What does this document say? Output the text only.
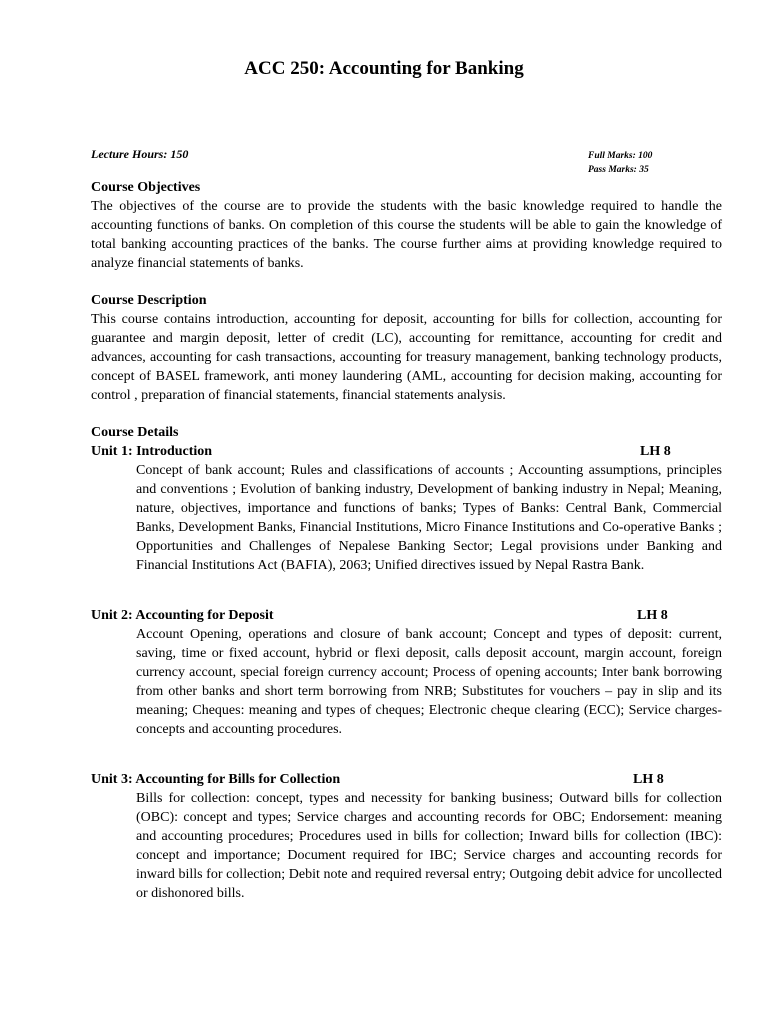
ACC 250: Accounting for Banking

Lecture Hours: 150	Full Marks: 100
Pass Marks: 35
Course Objectives

The objectives of the course are to provide the students with the basic knowledge required to handle the accounting functions of banks. On completion of this course the students will be able to gain the knowledge of total banking accounting practices of the banks. The course further aims at providing knowledge required to analyze financial statements of banks.

Course Description

This course contains introduction, accounting for deposit, accounting for bills for collection, accounting for guarantee and margin deposit, letter of credit (LC), accounting for remittance, accounting for credit and advances, accounting for cash transactions, accounting for treasury management, banking technology products, concept of BASEL framework, anti money laundering (AML, accounting for decision making, accounting for control , preparation of financial statements, financial statements analysis.

Course Details

Unit 1: Introduction	LH 8

Concept of bank account; Rules and classifications of accounts ; Accounting assumptions, principles and conventions ; Evolution of banking industry, Development of banking industry in Nepal; Meaning, nature, objectives, importance and functions of banks; Types of Banks: Central Bank, Commercial Banks, Development Banks, Financial Institutions, Micro Finance Institutions and Co-operative Banks ; Opportunities and Challenges of Nepalese Banking Sector; Legal provisions under Banking and Financial Institutions Act (BAFIA), 2063; Unified directives issued by Nepal Rastra Bank.

Unit 2: Accounting for Deposit	LH 8

Account Opening, operations and closure of bank account; Concept and types of deposit: current, saving, time or fixed account, hybrid or flexi deposit, calls deposit account, margin account, foreign currency account, special foreign currency account; Process of opening accounts; Inter bank borrowing from other banks and short term borrowing from NRB; Substitutes for vouchers – pay in slip and its meaning; Cheques: meaning and types of cheques; Electronic cheque clearing (ECC); Service charges- concepts and accounting procedures.

Unit 3: Accounting for Bills for Collection	LH 8

Bills for collection: concept, types and necessity for banking business; Outward bills for collection (OBC): concept and types; Service charges and accounting records for OBC; Endorsement: meaning and accounting procedures; Procedures used in bills for collection; Inward bills for collection (IBC): concept and importance; Document required for IBC; Service charges and accounting records for inward bills for collection; Debit note and required reversal entry; Outgoing debit advice for uncollected or dishonored bills.
